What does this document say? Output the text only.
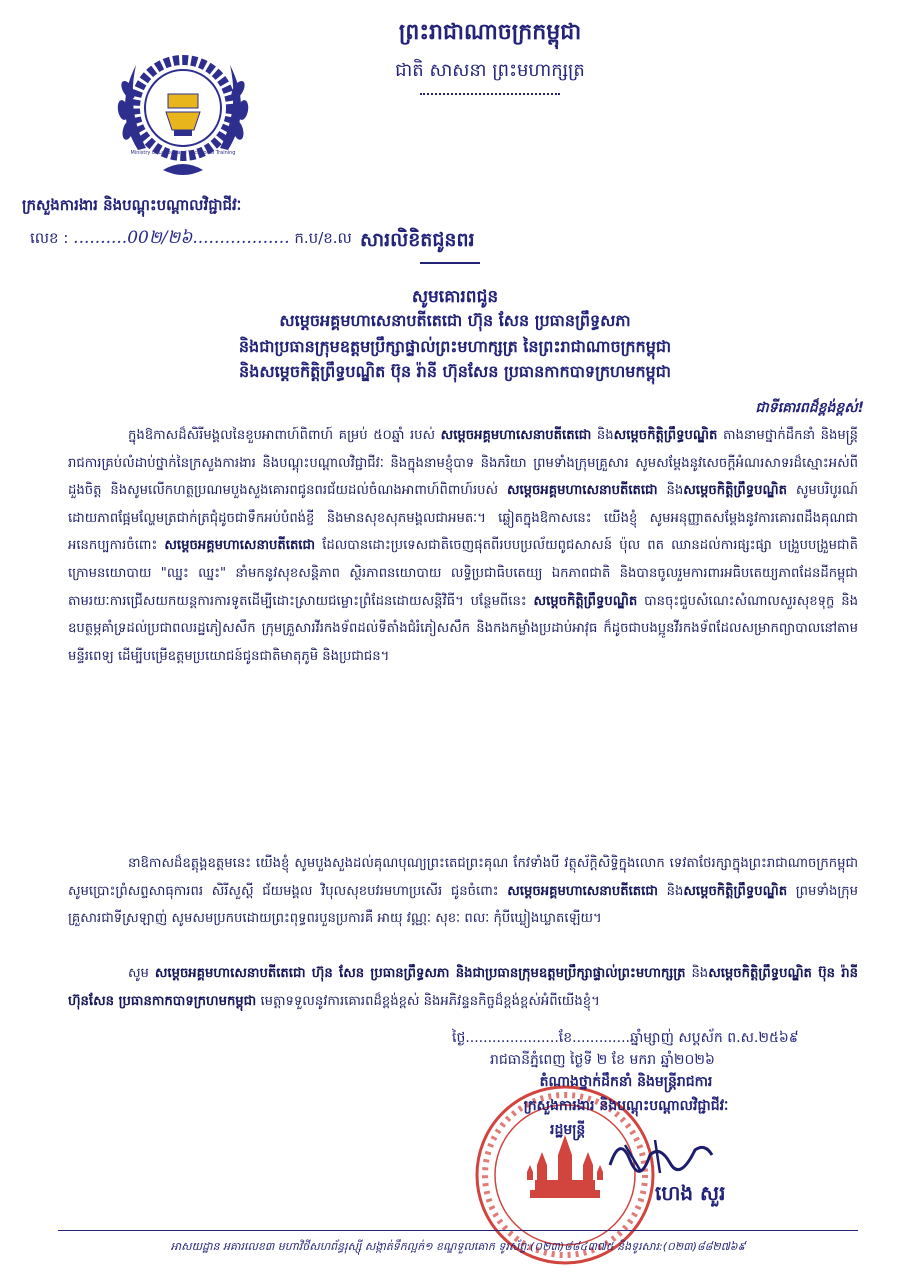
ព្រះរាជាណាចក្រកម្ពុជា
ជាតិ សាសនា ព្រះមហាក្សត្រ
Ministry of Labour and Vocational Training
ក្រសួងការងារ និងបណ្តុះបណ្តាលវិជ្ជាជីវៈ
លេខ : ..........00២/២៦.................. ក.ប/ខ.ល សារលិខិតជូនពរ
សូមគោរពជូន
សម្តេចអគ្គមហាសេនាបតីតេជោ ហ៊ុន សែន ប្រធានព្រឹទ្ធសភា
និងជាប្រធានក្រុមឧត្តមប្រឹក្សាផ្ទាល់ព្រះមហាក្សត្រ នៃព្រះរាជាណាចក្រកម្ពុជា
និងសម្តេចកិត្តិព្រឹទ្ធបណ្ឌិត ប៊ុន រ៉ានី ហ៊ុនសែន ប្រធានកាកបាទក្រហមកម្ពុជា
ជាទីគោរពដ៏ខ្ពង់ខ្ពស់!
ក្នុងឱកាសដ៏សិរីមង្គលនៃខួបអាពាហ៍ពិពាហ៍ គម្រប់ ៥០ឆ្នាំ របស់ សម្តេចអគ្គមហាសេនាបតីតេជោ និងសម្តេចកិត្តិព្រឹទ្ធបណ្ឌិត តាងនាមថ្នាក់ដឹកនាំ និងមន្ត្រីរាជការគ្រប់លំដាប់ថ្នាក់នៃក្រសួងការងារ និងបណ្តុះបណ្តាលវិជ្ជាជីវៈ និងក្នុងនាមខ្ញុំបាទ និងភរិយា ព្រមទាំងក្រុមគ្រួសារ សូមសម្តែងនូវសេចក្តីអំណរសាទរដ៏ស្មោះអស់ពីដួងចិត្ត និងសូមលើកហត្ថប្រណមបួងសួងគោរពជូនពរជ័យដល់ចំណងអាពាហ៍ពិពាហ៍របស់ សម្តេចអគ្គមហាសេនាបតីតេជោ និងសម្តេចកិត្តិព្រឹទ្ធបណ្ឌិត សូមបរិបូរណ៍ដោយភាពផ្អែមល្ហែមត្រជាក់ត្រជុំដូចជាទឹកអប់បំពង់ខ្ចី និងមានសុខសុភមង្គលជាអមតៈ។ ឆ្លៀតក្នុងឱកាសនេះ យើងខ្ញុំ សូមអនុញ្ញាតសម្តែងនូវការគោរពដឹងគុណជាអនេកប្បការចំពោះ សម្តេចអគ្គមហាសេនាបតីតេជោ ដែលបានដោះប្រទេសជាតិចេញផុតពីរបបប្រល័យពូជសាសន៍ ប៉ុល ពត ឈានដល់ការផ្សះផ្សា បង្រួបបង្រួមជាតិក្រោមនយោបាយ "ឈ្នះ ឈ្នះ" នាំមកនូវសុខសន្តិភាព ស្ថិរភាពនយោបាយ លទ្ធិប្រជាធិបតេយ្យ ឯកភាពជាតិ និងបានចូលរួមការពារអធិបតេយ្យភាពដែនដីកម្ពុជាតាមរយៈការជ្រើសយកយន្តការការទូតដើម្បីដោះស្រាយជម្លោះព្រំដែនដោយសន្តិវិធី។ បន្ថែមពីនេះ សម្តេចកិត្តិព្រឹទ្ធបណ្ឌិត បានចុះជួបសំណេះសំណាលសួរសុខទុក្ខ និងឧបត្ថម្ភគាំទ្រដល់ប្រជាពលរដ្ឋភៀសសឹក ក្រុមគ្រួសារវីរកងទ័ពដល់ទីតាំងជំរំភៀសសឹក និងកងកម្លាំងប្រដាប់អាវុធ ក៏ដូចជាបងប្អូនវីរកងទ័ពដែលសម្រាកព្យាបាលនៅតាមមន្ទីរពេទ្យ ដើម្បីបម្រើឧត្តមប្រយោជន៍ជូនជាតិមាតុភូមិ និងប្រជាជន។
នាឱកាសដ៏ឧត្តុង្គឧត្តមនេះ យើងខ្ញុំ សូមបួងសួងដល់គុណបុណ្យព្រះតេជព្រះគុណ កែវទាំងបី វត្ថុស័ក្តិសិទ្ធិក្នុងលោក ទេវតាថែរក្សាក្នុងព្រះរាជាណាចក្រកម្ពុជា សូមប្រោះព្រំសព្ទសាធុការពរ សិរីសួស្តី ជ័យមង្គល វិបុលសុខបវរមហាប្រសើរ ជូនចំពោះ សម្តេចអគ្គមហាសេនាបតីតេជោ និងសម្តេចកិត្តិព្រឹទ្ធបណ្ឌិត ព្រមទាំងក្រុមគ្រួសារជាទីស្រឡាញ់ សូមសមប្រកបដោយព្រះពុទ្ធពរបួនប្រការគឺ អាយុ វណ្ណៈ សុខៈ ពលៈ កុំបីឃ្លៀងឃ្លាតឡើយ។
សូម សម្តេចអគ្គមហាសេនាបតីតេជោ ហ៊ុន សែន ប្រធានព្រឹទ្ធសភា និងជាប្រធានក្រុមឧត្តមប្រឹក្សាផ្ទាល់ព្រះមហាក្សត្រ និងសម្តេចកិត្តិព្រឹទ្ធបណ្ឌិត ប៊ុន រ៉ានី ហ៊ុនសែន ប្រធានកាកបាទក្រហមកម្ពុជា មេត្តាទទួលនូវការគោរពដ៏ខ្ពង់ខ្ពស់ និងអភិវន្ទនកិច្ចដ៏ខ្ពង់ខ្ពស់អំពីយើងខ្ញុំ។
ថ្ងៃ.....................ខែ.............ឆ្នាំម្សាញ់ សប្តស័ក ព.ស.២៥៦៩
រាជធានីភ្នំពេញ ថ្ងៃទី ២ ខែ មករា ឆ្នាំ២០២៦
តំណាងថ្នាក់ដឹកនាំ និងមន្ត្រីរាជការ
ក្រសួងការងារ និងបណ្តុះបណ្តាលវិជ្ជាជីវៈ
រដ្ឋមន្ត្រី
ហេង សួរ
អាសយដ្ឋាន អគារលេខ៣ មហាវិថីសហព័ន្ធរុស្ស៊ី សង្កាត់ទឹកល្អក់១ ខណ្ឌទួលគោក ទូរស័ព្ទ:(០២៣)៨៨៤៣៧៥ និងទូរសារ:(០២៣)៨៨២៧៦៩
